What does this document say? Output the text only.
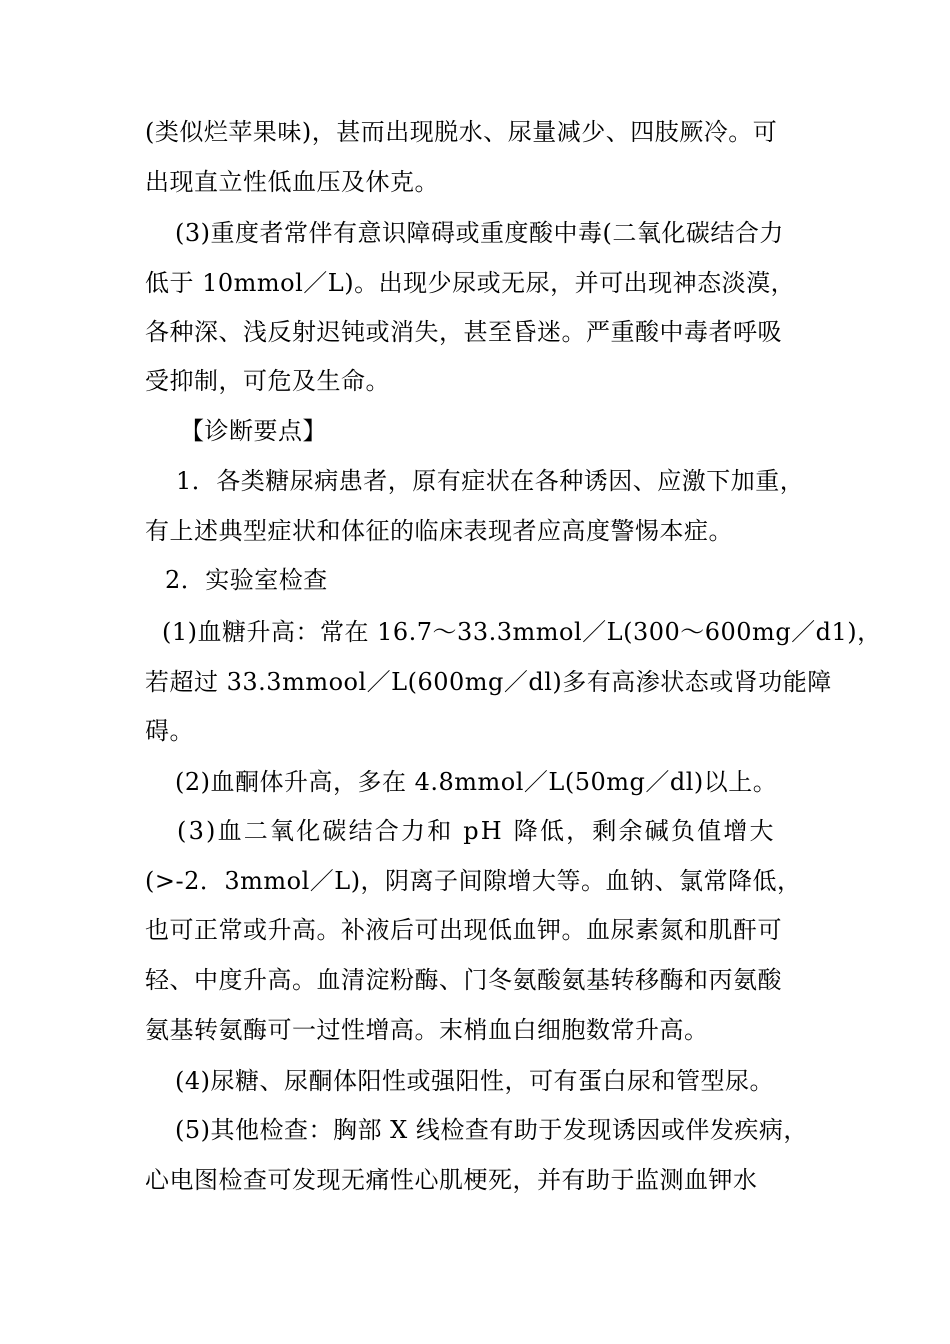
(类似烂苹果味)，甚而出现脱水、尿量减少、四肢厥冷。可
出现直立性低血压及休克。
(3)重度者常伴有意识障碍或重度酸中毒(二氧化碳结合力
低于 10mmol／L)。出现少尿或无尿，并可出现神态淡漠，
各种深、浅反射迟钝或消失，甚至昏迷。严重酸中毒者呼吸
受抑制，可危及生命。
【诊断要点】
1．各类糖尿病患者，原有症状在各种诱因、应激下加重，
有上述典型症状和体征的临床表现者应高度警惕本症。
2．实验室检查
(1)血糖升高：常在 16.7～33.3mmol／L(300～600mg／d1)，
若超过 33.3mmool／L(600mg／dl)多有高渗状态或肾功能障
碍。
(2)血酮体升高，多在 4.8mmol／L(50mg／dl)以上。
(3)血二氧化碳结合力和 pH 降低，剩余碱负值增大
(>-2．3mmol／L)，阴离子间隙增大等。血钠、氯常降低，
也可正常或升高。补液后可出现低血钾。血尿素氮和肌酐可
轻、中度升高。血清淀粉酶、门冬氨酸氨基转移酶和丙氨酸
氨基转氨酶可一过性增高。末梢血白细胞数常升高。
(4)尿糖、尿酮体阳性或强阳性，可有蛋白尿和管型尿。
(5)其他检查：胸部 X 线检查有助于发现诱因或伴发疾病，
心电图检查可发现无痛性心肌梗死，并有助于监测血钾水
